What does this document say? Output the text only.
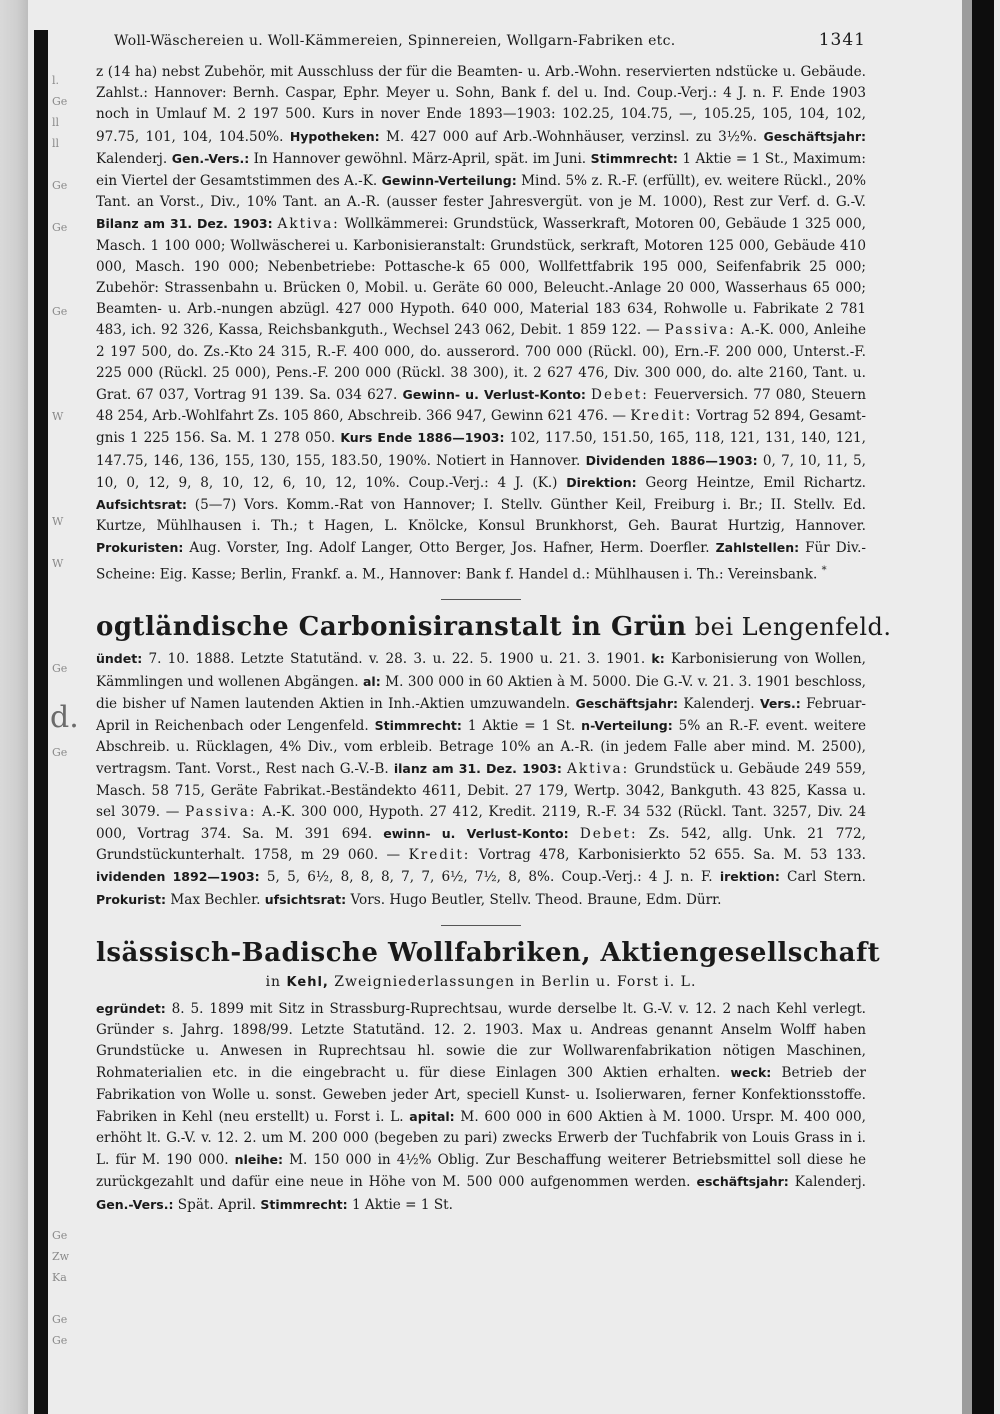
l.
Ge
ll
ll
Ge
Ge
Ge
W
W
W
Ge
Ge
Ge
Zw
Ka
Ge
Ge
d.
Woll-Wäschereien u. Woll-Kämmereien, Spinnereien, Wollgarn-Fabriken etc.	1341

z (14 ha) nebst Zubehör, mit Ausschluss der für die Beamten- u. Arb.-Wohn. reservierten ndstücke u. Gebäude. Zahlst.: Hannover: Bernh. Caspar, Ephr. Meyer u. Sohn, Bank f. del u. Ind. Coup.-Verj.: 4 J. n. F. Ende 1903 noch in Umlauf M. 2 197 500. Kurs in nover Ende 1893—1903: 102.25, 104.75, —, 105.25, 105, 104, 102, 97.75, 101, 104, 104.50%. Hypotheken: M. 427 000 auf Arb.-Wohnhäuser, verzinsl. zu 3½%. Geschäftsjahr: Kalenderj. Gen.-Vers.: In Hannover gewöhnl. März-April, spät. im Juni. Stimmrecht: 1 Aktie = 1 St., Maximum: ein Viertel der Gesamtstimmen des A.-K. Gewinn-Verteilung: Mind. 5% z. R.-F. (erfüllt), ev. weitere Rückl., 20% Tant. an Vorst., Div., 10% Tant. an A.-R. (ausser fester Jahresvergüt. von je M. 1000), Rest zur Verf. d. G.-V. Bilanz am 31. Dez. 1903: Aktiva: Wollkämmerei: Grundstück, Wasserkraft, Motoren 00, Gebäude 1 325 000, Masch. 1 100 000; Wollwäscherei u. Karbonisieranstalt: Grundstück, serkraft, Motoren 125 000, Gebäude 410 000, Masch. 190 000; Nebenbetriebe: Pottasche-k 65 000, Wollfettfabrik 195 000, Seifenfabrik 25 000; Zubehör: Strassenbahn u. Brücken 0, Mobil. u. Geräte 60 000, Beleucht.-Anlage 20 000, Wasserhaus 65 000; Beamten- u. Arb.-nungen abzügl. 427 000 Hypoth. 640 000, Material 183 634, Rohwolle u. Fabrikate 2 781 483, ich. 92 326, Kassa, Reichsbankguth., Wechsel 243 062, Debit. 1 859 122. — Passiva: A.-K. 000, Anleihe 2 197 500, do. Zs.-Kto 24 315, R.-F. 400 000, do. ausserord. 700 000 (Rückl. 00), Ern.-F. 200 000, Unterst.-F. 225 000 (Rückl. 25 000), Pens.-F. 200 000 (Rückl. 38 300), it. 2 627 476, Div. 300 000, do. alte 2160, Tant. u. Grat. 67 037, Vortrag 91 139. Sa. 034 627. Gewinn- u. Verlust-Konto: Debet: Feuerversich. 77 080, Steuern 48 254, Arb.-Wohlfahrt Zs. 105 860, Abschreib. 366 947, Gewinn 621 476. — Kredit: Vortrag 52 894, Gesamt-gnis 1 225 156. Sa. M. 1 278 050. Kurs Ende 1886—1903: 102, 117.50, 151.50, 165, 118, 121, 131, 140, 121, 147.75, 146, 136, 155, 130, 155, 183.50, 190%. Notiert in Hannover. Dividenden 1886—1903: 0, 7, 10, 11, 5, 10, 0, 12, 9, 8, 10, 12, 6, 10, 12, 10%. Coup.-Verj.: 4 J. (K.) Direktion: Georg Heintze, Emil Richartz. Aufsichtsrat: (5—7) Vors. Komm.-Rat von Hannover; I. Stellv. Günther Keil, Freiburg i. Br.; II. Stellv. Ed. Kurtze, Mühlhausen i. Th.; t Hagen, L. Knölcke, Konsul Brunkhorst, Geh. Baurat Hurtzig, Hannover. Prokuristen: Aug. Vorster, Ing. Adolf Langer, Otto Berger, Jos. Hafner, Herm. Doerfler. Zahlstellen: Für Div.-Scheine: Eig. Kasse; Berlin, Frankf. a. M., Hannover: Bank f. Handel d.: Mühlhausen i. Th.: Vereinsbank. *

ogtländische Carbonisiranstalt in Grün bei Lengenfeld.

ündet: 7. 10. 1888. Letzte Statutänd. v. 28. 3. u. 22. 5. 1900 u. 21. 3. 1901. k: Karbonisierung von Wollen, Kämmlingen und wollenen Abgängen. al: M. 300 000 in 60 Aktien à M. 5000. Die G.-V. v. 21. 3. 1901 beschloss, die bisher uf Namen lautenden Aktien in Inh.-Aktien umzuwandeln. Geschäftsjahr: Kalenderj. Vers.: Februar-April in Reichenbach oder Lengenfeld. Stimmrecht: 1 Aktie = 1 St. n-Verteilung: 5% an R.-F. event. weitere Abschreib. u. Rücklagen, 4% Div., vom erbleib. Betrage 10% an A.-R. (in jedem Falle aber mind. M. 2500), vertragsm. Tant. Vorst., Rest nach G.-V.-B. ilanz am 31. Dez. 1903: Aktiva: Grundstück u. Gebäude 249 559, Masch. 58 715, Geräte Fabrikat.-Beständekto 4611, Debit. 27 179, Wertp. 3042, Bankguth. 43 825, Kassa u. sel 3079. — Passiva: A.-K. 300 000, Hypoth. 27 412, Kredit. 2119, R.-F. 34 532 (Rückl. Tant. 3257, Div. 24 000, Vortrag 374. Sa. M. 391 694. ewinn- u. Verlust-Konto: Debet: Zs. 542, allg. Unk. 21 772, Grundstückunterhalt. 1758, m 29 060. — Kredit: Vortrag 478, Karbonisierkto 52 655. Sa. M. 53 133. ividenden 1892—1903: 5, 5, 6½, 8, 8, 8, 7, 7, 6½, 7½, 8, 8%. Coup.-Verj.: 4 J. n. F. irektion: Carl Stern. Prokurist: Max Bechler. ufsichtsrat: Vors. Hugo Beutler, Stellv. Theod. Braune, Edm. Dürr.

lsässisch-Badische Wollfabriken, Aktiengesellschaft
in Kehl, Zweigniederlassungen in Berlin u. Forst i. L.

egründet: 8. 5. 1899 mit Sitz in Strassburg-Ruprechtsau, wurde derselbe lt. G.-V. v. 12. 2 nach Kehl verlegt. Gründer s. Jahrg. 1898/99. Letzte Statutänd. 12. 2. 1903. Max u. Andreas genannt Anselm Wolff haben Grundstücke u. Anwesen in Ruprechtsau hl. sowie die zur Wollwarenfabrikation nötigen Maschinen, Rohmaterialien etc. in die eingebracht u. für diese Einlagen 300 Aktien erhalten. weck: Betrieb der Fabrikation von Wolle u. sonst. Geweben jeder Art, speciell Kunst- u. Isolierwaren, ferner Konfektionsstoffe. Fabriken in Kehl (neu erstellt) u. Forst i. L. apital: M. 600 000 in 600 Aktien à M. 1000. Urspr. M. 400 000, erhöht lt. G.-V. v. 12. 2. um M. 200 000 (begeben zu pari) zwecks Erwerb der Tuchfabrik von Louis Grass in i. L. für M. 190 000. nleihe: M. 150 000 in 4½% Oblig. Zur Beschaffung weiterer Betriebsmittel soll diese he zurückgezahlt und dafür eine neue in Höhe von M. 500 000 aufgenommen werden. eschäftsjahr: Kalenderj. Gen.-Vers.: Spät. April. Stimmrecht: 1 Aktie = 1 St.
